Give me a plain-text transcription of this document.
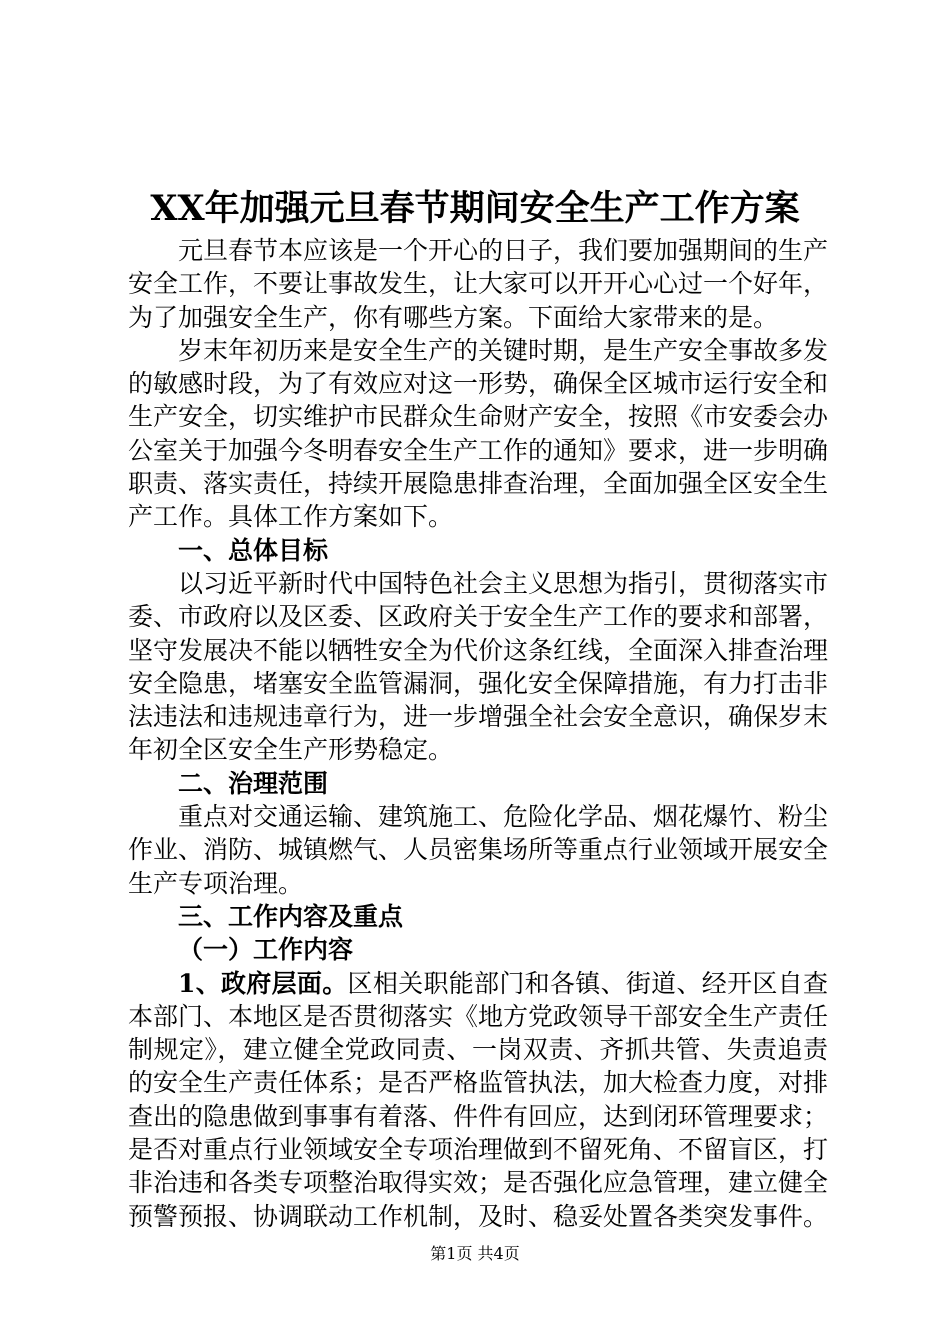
XX年加强元旦春节期间安全生产工作方案

元旦春节本应该是一个开心的日子，我们要加强期间的生产安全工作，不要让事故发生，让大家可以开开心心过一个好年，为了加强安全生产，你有哪些方案。下面给大家带来的是。

岁末年初历来是安全生产的关键时期，是生产安全事故多发的敏感时段，为了有效应对这一形势，确保全区城市运行安全和生产安全，切实维护市民群众生命财产安全，按照《市安委会办公室关于加强今冬明春安全生产工作的通知》要求，进一步明确职责、落实责任，持续开展隐患排查治理，全面加强全区安全生产工作。具体工作方案如下。

一、总体目标

以习近平新时代中国特色社会主义思想为指引，贯彻落实市委、市政府以及区委、区政府关于安全生产工作的要求和部署，坚守发展决不能以牺牲安全为代价这条红线，全面深入排查治理安全隐患，堵塞安全监管漏洞，强化安全保障措施，有力打击非法违法和违规违章行为，进一步增强全社会安全意识，确保岁末年初全区安全生产形势稳定。

二、治理范围

重点对交通运输、建筑施工、危险化学品、烟花爆竹、粉尘作业、消防、城镇燃气、人员密集场所等重点行业领域开展安全生产专项治理。

三、工作内容及重点

（一）工作内容

1、政府层面。区相关职能部门和各镇、街道、经开区自查本部门、本地区是否贯彻落实《地方党政领导干部安全生产责任制规定》，建立健全党政同责、一岗双责、齐抓共管、失责追责的安全生产责任体系；是否严格监管执法，加大检查力度，对排查出的隐患做到事事有着落、件件有回应，达到闭环管理要求；是否对重点行业领域安全专项治理做到不留死角、不留盲区，打非治违和各类专项整治取得实效；是否强化应急管理，建立健全预警预报、协调联动工作机制，及时、稳妥处置各类突发事件。

第1页 共4页
